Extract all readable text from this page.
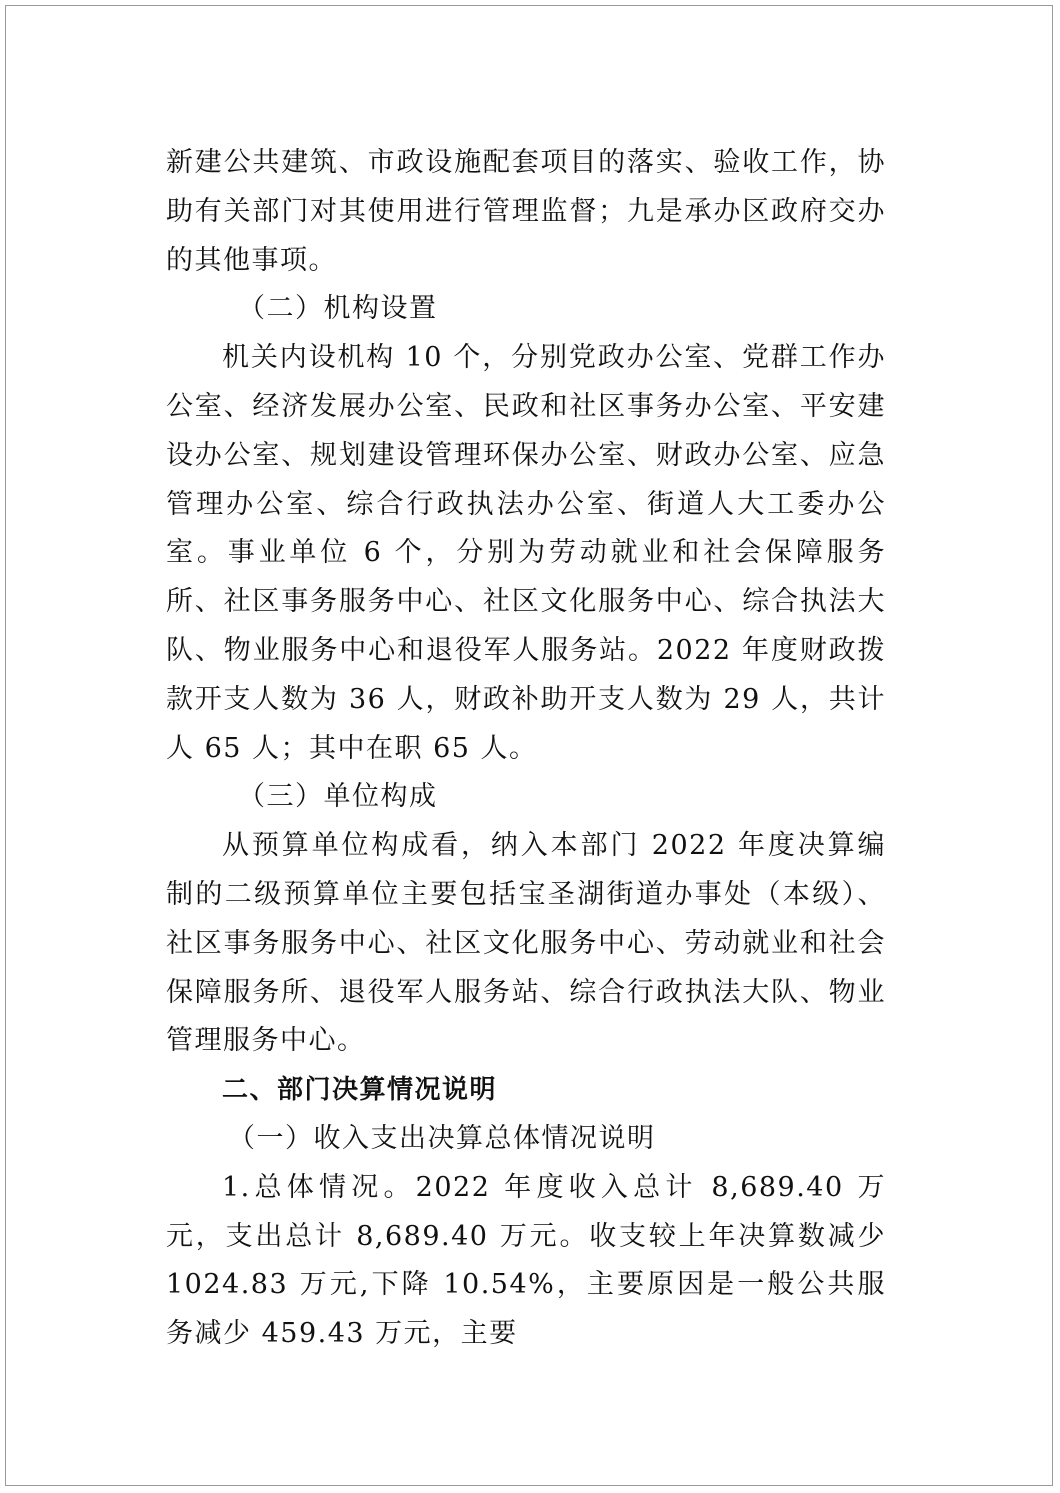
新建公共建筑、市政设施配套项目的落实、验收工作，协助有关部门对其使用进行管理监督；九是承办区政府交办的其他事项。

（二）机构设置

机关内设机构 10 个，分别党政办公室、党群工作办公室、经济发展办公室、民政和社区事务办公室、平安建设办公室、规划建设管理环保办公室、财政办公室、应急管理办公室、综合行政执法办公室、街道人大工委办公室。事业单位 6 个，分别为劳动就业和社会保障服务所、社区事务服务中心、社区文化服务中心、综合执法大队、物业服务中心和退役军人服务站。2022 年度财政拨款开支人数为 36 人，财政补助开支人数为 29 人，共计人 65 人；其中在职 65 人。

（三）单位构成

从预算单位构成看，纳入本部门 2022 年度决算编制的二级预算单位主要包括宝圣湖街道办事处（本级）、社区事务服务中心、社区文化服务中心、劳动就业和社会保障服务所、退役军人服务站、综合行政执法大队、物业管理服务中心。

二、部门决算情况说明

（一）收入支出决算总体情况说明

1.总体情况。2022 年度收入总计 8,689.40 万元，支出总计 8,689.40 万元。收支较上年决算数减少 1024.83 万元,下降 10.54%，主要原因是一般公共服务减少 459.43 万元，主要
